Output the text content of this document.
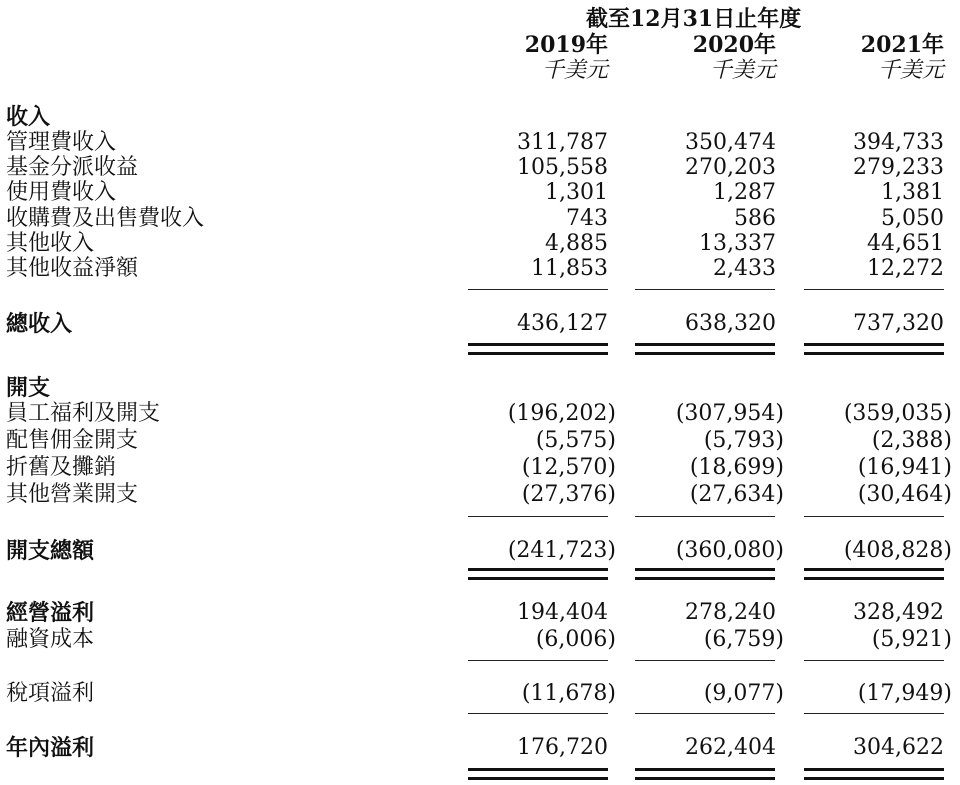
截至12月31日止年度
2019年	2020年	2021年
千美元	千美元	千美元
收入
管理費收入	311,787	350,474	394,733
基金分派收益	105,558	270,203	279,233
使用費收入	1,301	1,287	1,381
收購費及出售費收入	743	586	5,050
其他收入	4,885	13,337	44,651
其他收益淨額	11,853	2,433	12,272
總收入	436,127	638,320	737,320
開支
員工福利及開支	(196,202)	(307,954)	(359,035)
配售佣金開支	(5,575)	(5,793)	(2,388)
折舊及攤銷	(12,570)	(18,699)	(16,941)
其他營業開支	(27,376)	(27,634)	(30,464)
開支總額	(241,723)	(360,080)	(408,828)
經營溢利	194,404	278,240	328,492
融資成本	(6,006)	(6,759)	(5,921)
稅項溢利	(11,678)	(9,077)	(17,949)
年內溢利	176,720	262,404	304,622
